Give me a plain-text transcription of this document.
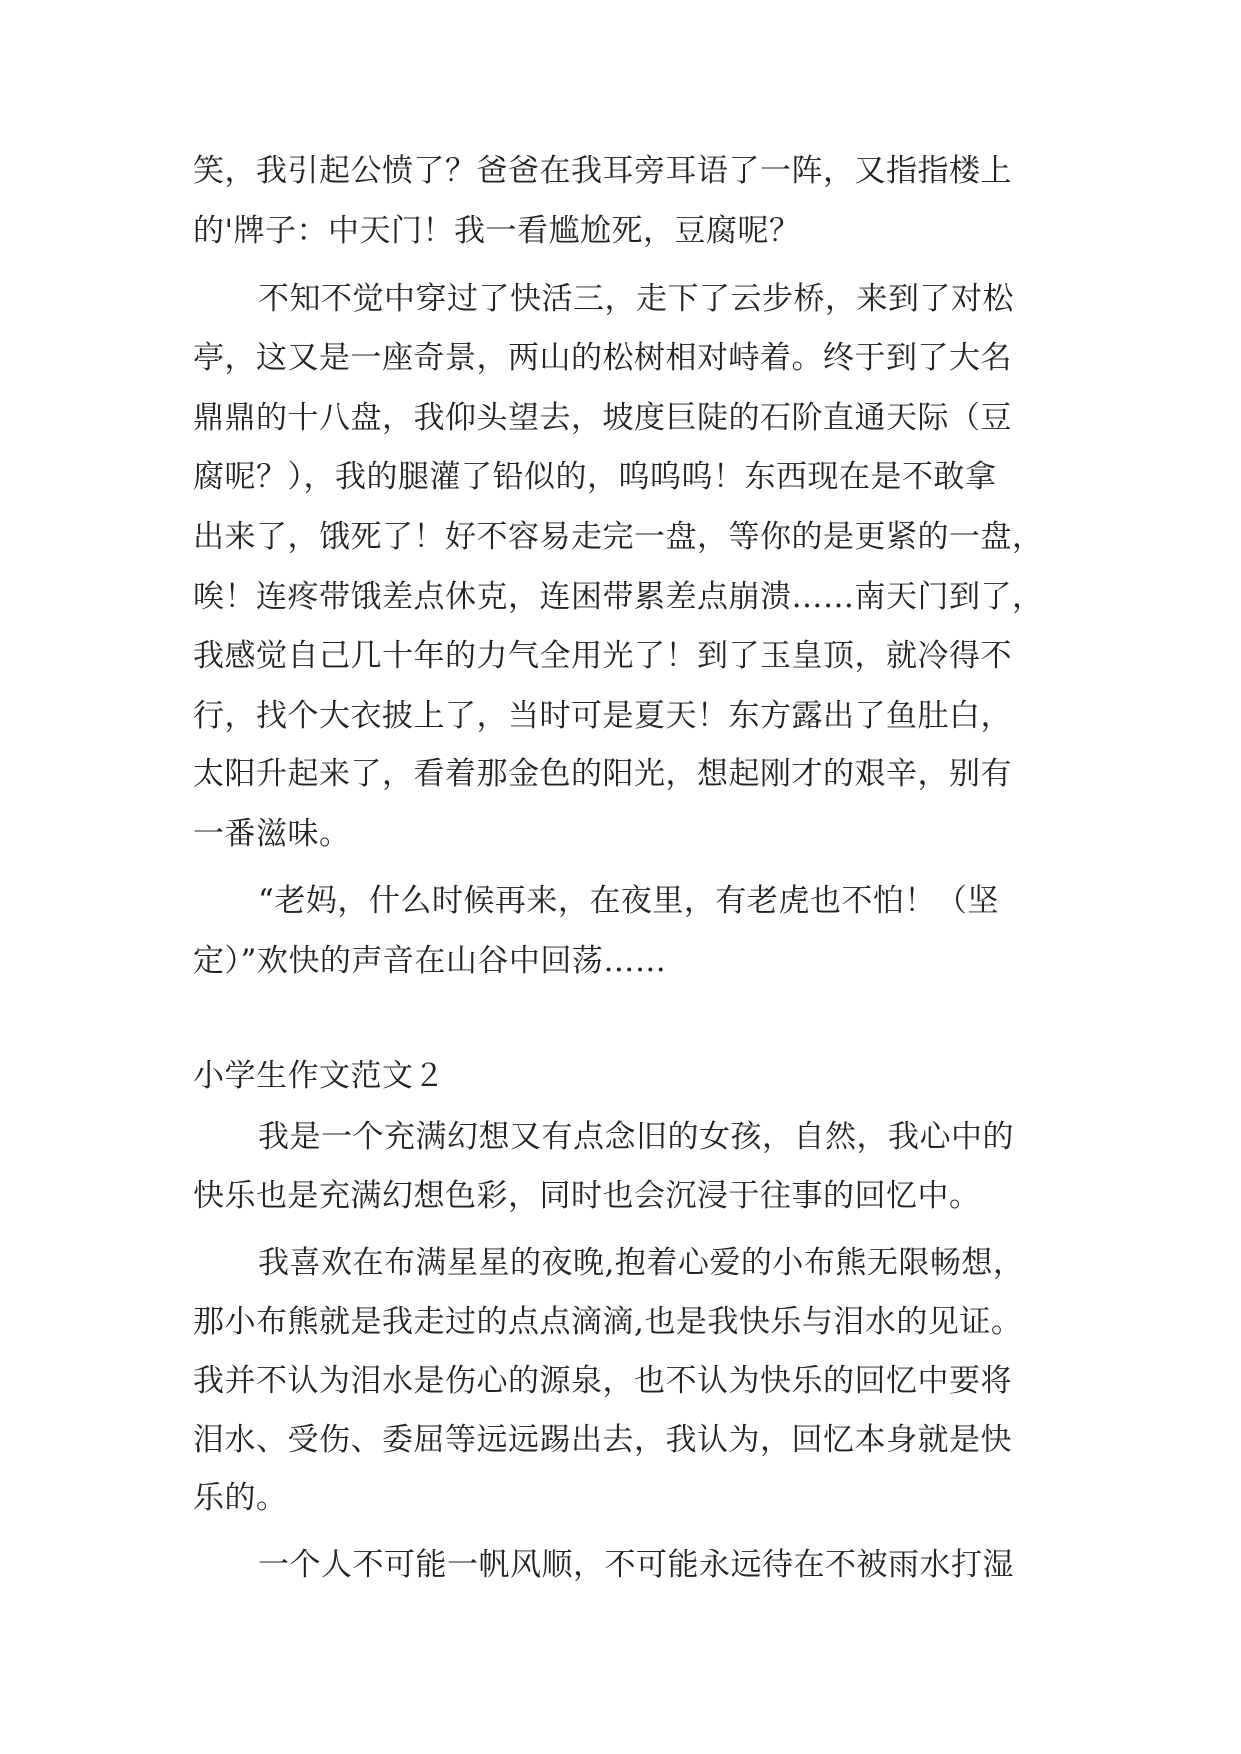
笑，我引起公愤了？爸爸在我耳旁耳语了一阵，又指指楼上
的'牌子：中天门！我一看尴尬死，豆腐呢？
不知不觉中穿过了快活三，走下了云步桥，来到了对松
亭，这又是一座奇景，两山的松树相对峙着。终于到了大名
鼎鼎的十八盘，我仰头望去，坡度巨陡的石阶直通天际（豆
腐呢？），我的腿灌了铅似的，呜呜呜！东西现在是不敢拿
出来了，饿死了！好不容易走完一盘，等你的是更紧的一盘，
唉！连疼带饿差点休克，连困带累差点崩溃……南天门到了，
我感觉自己几十年的力气全用光了！到了玉皇顶，就冷得不
行，找个大衣披上了，当时可是夏天！东方露出了鱼肚白，
太阳升起来了，看着那金色的阳光，想起刚才的艰辛，别有
一番滋味。
“老妈，什么时候再来，在夜里，有老虎也不怕！（坚
定）”欢快的声音在山谷中回荡……
小学生作文范文２
我是一个充满幻想又有点念旧的女孩，自然，我心中的
快乐也是充满幻想色彩，同时也会沉浸于往事的回忆中。
我喜欢在布满星星的夜晚,抱着心爱的小布熊无限畅想，
那小布熊就是我走过的点点滴滴,也是我快乐与泪水的见证。
我并不认为泪水是伤心的源泉，也不认为快乐的回忆中要将
泪水、受伤、委屈等远远踢出去，我认为，回忆本身就是快
乐的。
一个人不可能一帆风顺，不可能永远待在不被雨水打湿
